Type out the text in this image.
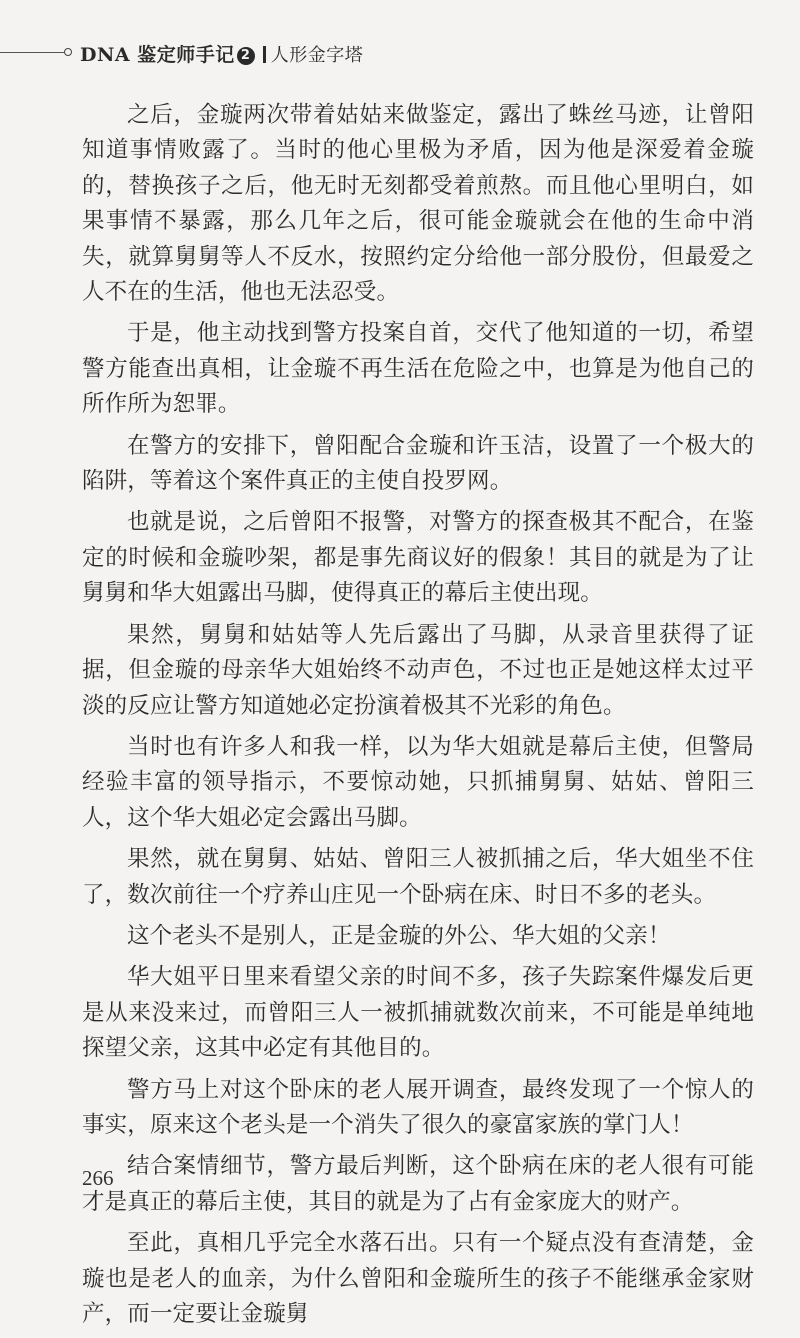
DNA 鉴定师手记 2 人形金字塔

之后，金璇两次带着姑姑来做鉴定，露出了蛛丝马迹，让曾阳知道事情败露了。当时的他心里极为矛盾，因为他是深爱着金璇的，替换孩子之后，他无时无刻都受着煎熬。而且他心里明白，如果事情不暴露，那么几年之后，很可能金璇就会在他的生命中消失，就算舅舅等人不反水，按照约定分给他一部分股份，但最爱之人不在的生活，他也无法忍受。

于是，他主动找到警方投案自首，交代了他知道的一切，希望警方能查出真相，让金璇不再生活在危险之中，也算是为他自己的所作所为恕罪。

在警方的安排下，曾阳配合金璇和许玉洁，设置了一个极大的陷阱，等着这个案件真正的主使自投罗网。

也就是说，之后曾阳不报警，对警方的探查极其不配合，在鉴定的时候和金璇吵架，都是事先商议好的假象！其目的就是为了让舅舅和华大姐露出马脚，使得真正的幕后主使出现。

果然，舅舅和姑姑等人先后露出了马脚，从录音里获得了证据，但金璇的母亲华大姐始终不动声色，不过也正是她这样太过平淡的反应让警方知道她必定扮演着极其不光彩的角色。

当时也有许多人和我一样，以为华大姐就是幕后主使，但警局经验丰富的领导指示，不要惊动她，只抓捕舅舅、姑姑、曾阳三人，这个华大姐必定会露出马脚。

果然，就在舅舅、姑姑、曾阳三人被抓捕之后，华大姐坐不住了，数次前往一个疗养山庄见一个卧病在床、时日不多的老头。

这个老头不是别人，正是金璇的外公、华大姐的父亲！

华大姐平日里来看望父亲的时间不多，孩子失踪案件爆发后更是从来没来过，而曾阳三人一被抓捕就数次前来，不可能是单纯地探望父亲，这其中必定有其他目的。

警方马上对这个卧床的老人展开调查，最终发现了一个惊人的事实，原来这个老头是一个消失了很久的豪富家族的掌门人！

结合案情细节，警方最后判断，这个卧病在床的老人很有可能才是真正的幕后主使，其目的就是为了占有金家庞大的财产。

至此，真相几乎完全水落石出。只有一个疑点没有查清楚，金璇也是老人的血亲，为什么曾阳和金璇所生的孩子不能继承金家财产，而一定要让金璇舅

266
